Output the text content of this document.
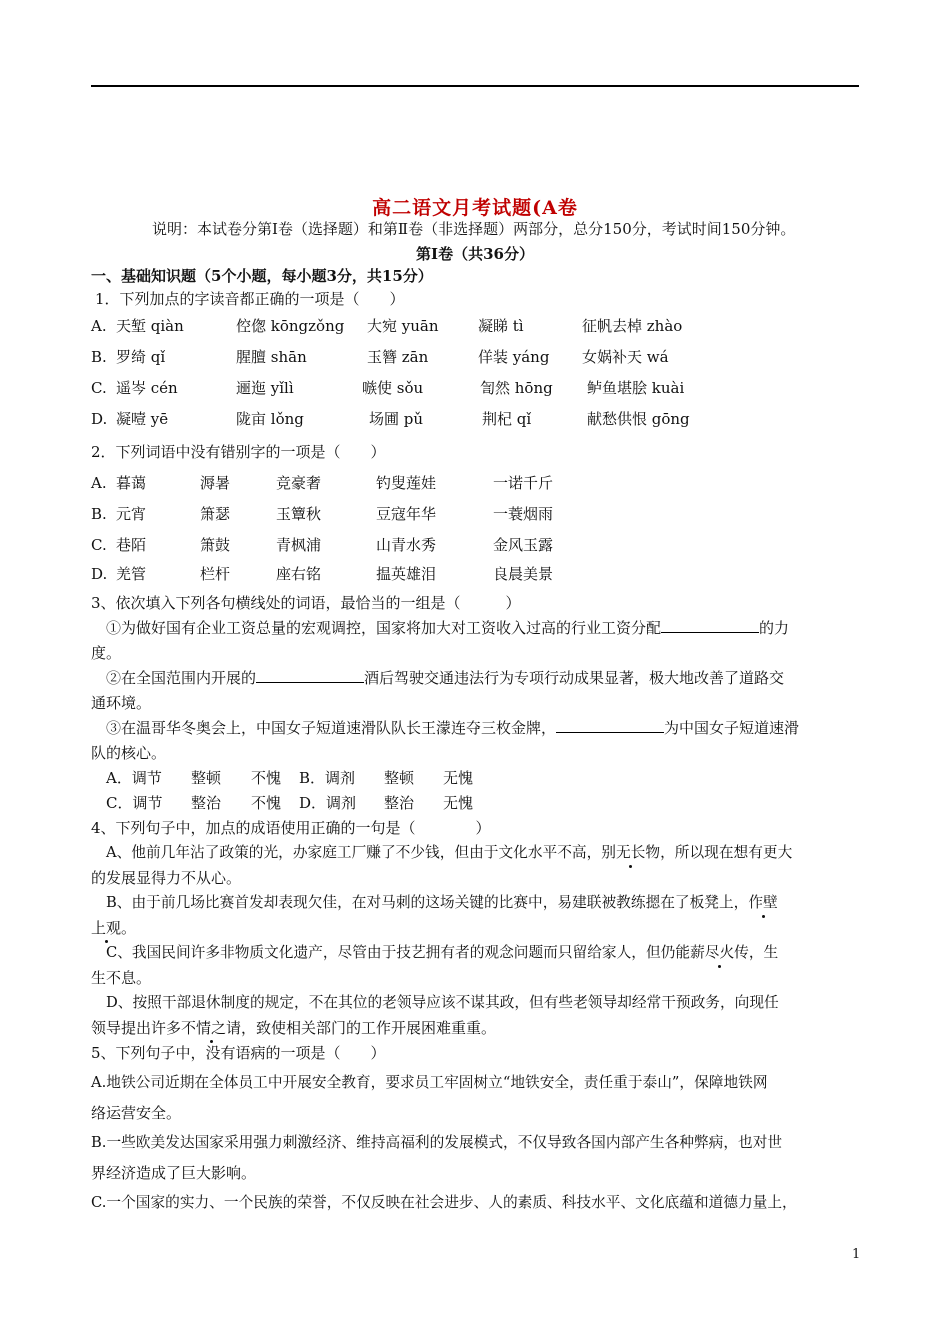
高二语文月考试题(A卷
说明：本试卷分第Ⅰ卷（选择题）和第Ⅱ卷（非选择题）两部分，总分150分，考试时间150分钟。
第Ⅰ卷（共36分）
一、基础知识题（5个小题，每小题3分，共15分）
1．下列加点的字读音都正确的一项是（　　）
A. 天堑 qiàn	倥偬 kōngzǒng 大宛 yuān	凝睇 tì	征帆去棹 zhào
B. 罗绮 qǐ	腥膻 shān	玉簪 zān	佯装 yáng 女娲补天 wá
C. 遥岑 cén	逦迤 yǐlì	嗾使 sǒu	訇然 hōng 鲈鱼堪脍 kuài
D. 凝噎 yē	陇亩 lǒng	场圃 pǔ	荆杞 qǐ	献愁供恨 gōng
2．下列词语中没有错别字的一项是（　　）
A. 暮蔼	溽暑	竞豪奢	钓叟莲娃	一诺千斤
B. 元宵	箫瑟	玉簟秋	豆寇年华	一蓑烟雨
C. 巷陌	箫鼓	青枫浦	山青水秀	金风玉露
D. 羌管	栏杆	座右铭	揾英雄泪	良晨美景
3、依次填入下列各句横线处的词语，最恰当的一组是（　　　）
①为做好国有企业工资总量的宏观调控，国家将加大对工资收入过高的行业工资分配	的力
度。
②在全国范围内开展的	酒后驾驶交通违法行为专项行动成果显著，极大地改善了道路交
通环境。
③在温哥华冬奥会上，中国女子短道速滑队队长王濛连夺三枚金牌，	为中国女子短道速滑
队的核心。
A．调节 整顿 不愧 B．调剂 整顿 无愧
C．调节 整治 不愧 D．调剂 整治 无愧
4、下列句子中，加点的成语使用正确的一句是（　　　　）
A、他前几年沾了政策的光，办家庭工厂赚了不少钱，但由于文化水平不高，别无长物，所以现在想有更大
的发展显得力不从心。
B、由于前几场比赛首发却表现欠佳，在对马刺的这场关键的比赛中，易建联被教练摁在了板凳上，作壁
上观。
C、我国民间许多非物质文化遗产，尽管由于技艺拥有者的观念问题而只留给家人，但仍能薪尽火传，生
生不息。
D、按照干部退休制度的规定，不在其位的老领导应该不谋其政，但有些老领导却经常干预政务，向现任
领导提出许多不情之请，致使相关部门的工作开展困难重重。
5、下列句子中，没有语病的一项是（　　）
A.地铁公司近期在全体员工中开展安全教育，要求员工牢固树立“地铁安全，责任重于泰山”，保障地铁网
络运营安全。
B.一些欧美发达国家采用强力刺激经济、维持高福利的发展模式，不仅导致各国内部产生各种弊病，也对世
界经济造成了巨大影响。
C.一个国家的实力、一个民族的荣誉，不仅反映在社会进步、人的素质、科技水平、文化底蕴和道德力量上，
1
